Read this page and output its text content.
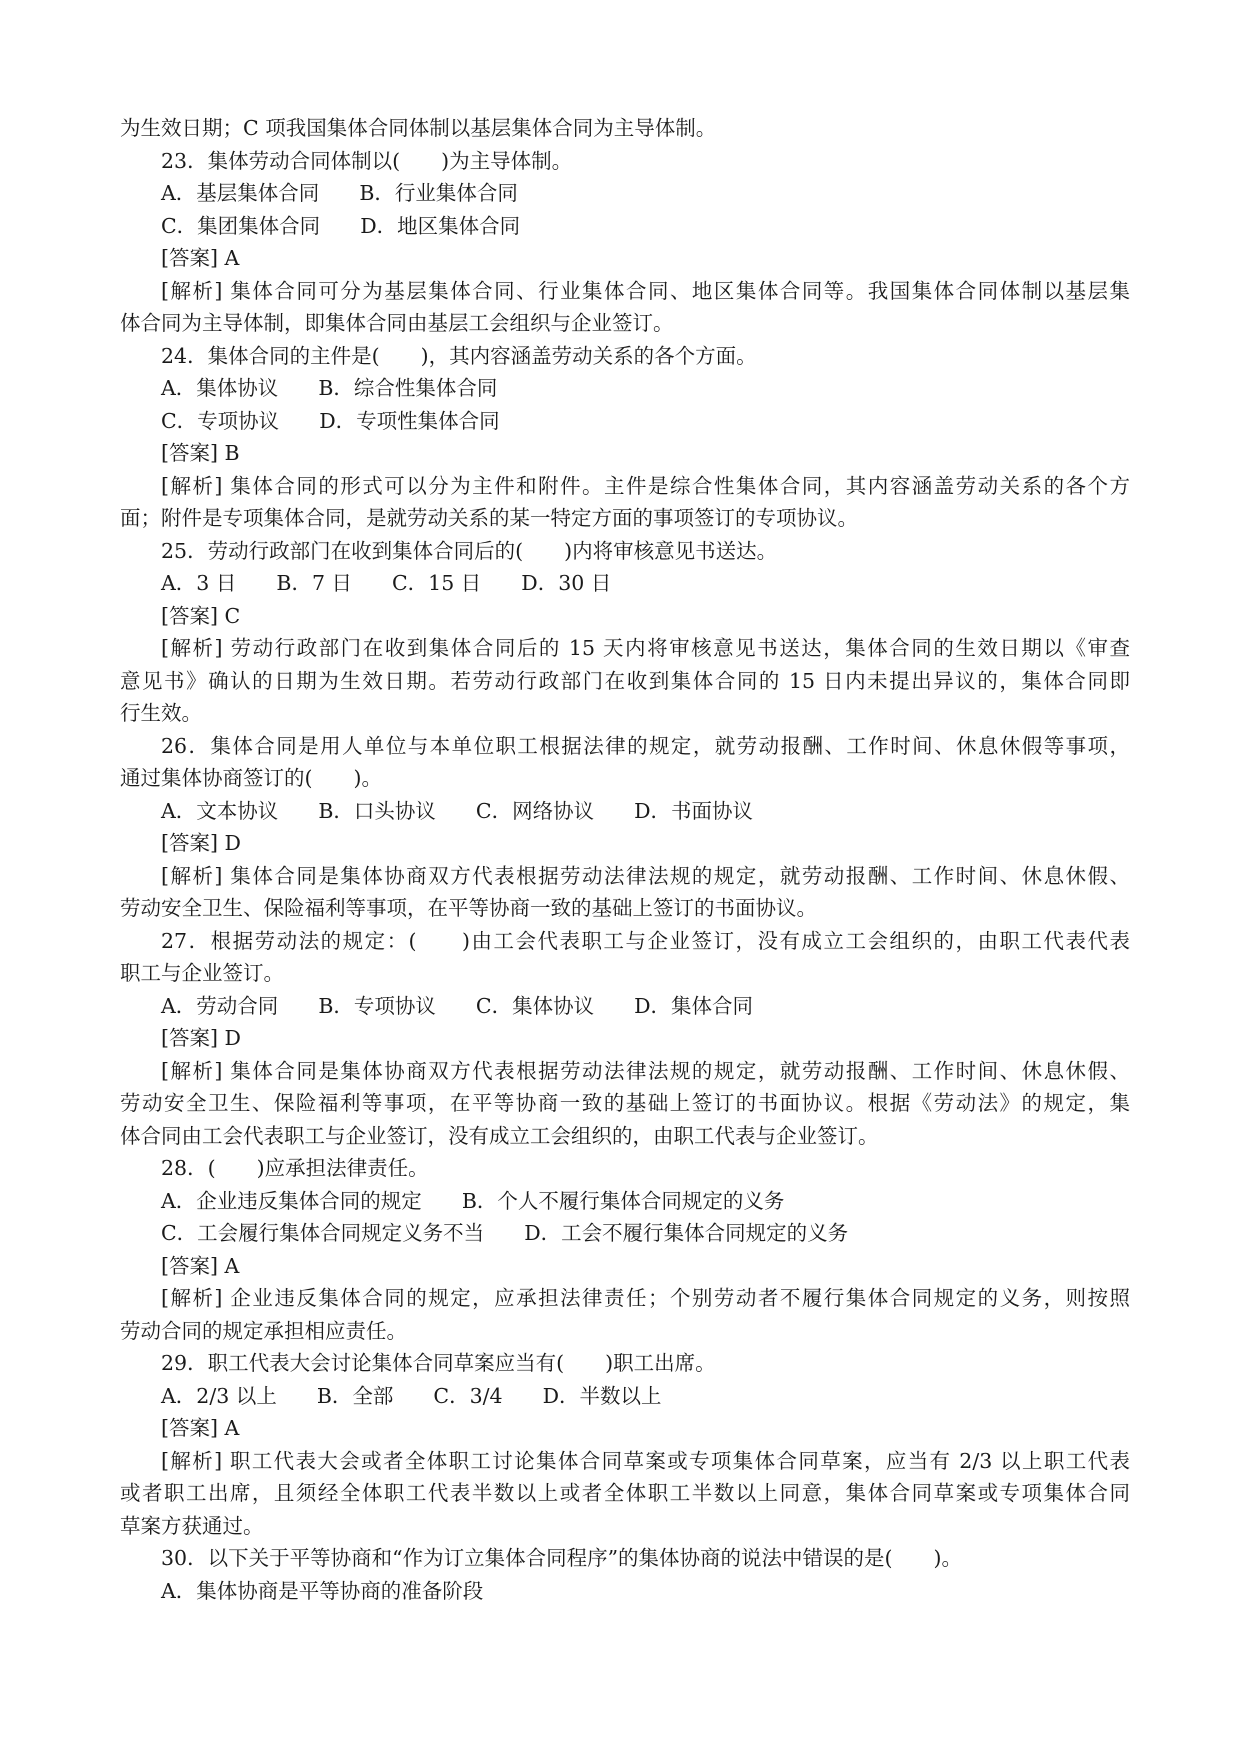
为生效日期；C 项我国集体合同体制以基层集体合同为主导体制。
23．集体劳动合同体制以(　　)为主导体制。
A．基层集体合同 B．行业集体合同
C．集团集体合同 D．地区集体合同
[答案] A
[解析] 集体合同可分为基层集体合同、行业集体合同、地区集体合同等。我国集体合同体制以基层集
体合同为主导体制，即集体合同由基层工会组织与企业签订。
24．集体合同的主件是(　　)，其内容涵盖劳动关系的各个方面。
A．集体协议 B．综合性集体合同
C．专项协议 D．专项性集体合同
[答案] B
[解析] 集体合同的形式可以分为主件和附件。主件是综合性集体合同，其内容涵盖劳动关系的各个方
面；附件是专项集体合同，是就劳动关系的某一特定方面的事项签订的专项协议。
25．劳动行政部门在收到集体合同后的(　　)内将审核意见书送达。
A．3 日 B．7 日 C．15 日 D．30 日
[答案] C
[解析] 劳动行政部门在收到集体合同后的 15 天内将审核意见书送达，集体合同的生效日期以《审查
意见书》确认的日期为生效日期。若劳动行政部门在收到集体合同的 15 日内未提出异议的，集体合同即
行生效。
26．集体合同是用人单位与本单位职工根据法律的规定，就劳动报酬、工作时间、休息休假等事项，
通过集体协商签订的(　　)。
A．文本协议 B．口头协议 C．网络协议 D．书面协议
[答案] D
[解析] 集体合同是集体协商双方代表根据劳动法律法规的规定，就劳动报酬、工作时间、休息休假、
劳动安全卫生、保险福利等事项，在平等协商一致的基础上签订的书面协议。
27．根据劳动法的规定：(　　)由工会代表职工与企业签订，没有成立工会组织的，由职工代表代表
职工与企业签订。
A．劳动合同 B．专项协议 C．集体协议 D．集体合同
[答案] D
[解析] 集体合同是集体协商双方代表根据劳动法律法规的规定，就劳动报酬、工作时间、休息休假、
劳动安全卫生、保险福利等事项，在平等协商一致的基础上签订的书面协议。根据《劳动法》的规定，集
体合同由工会代表职工与企业签订，没有成立工会组织的，由职工代表与企业签订。
28．(　　)应承担法律责任。
A．企业违反集体合同的规定 B．个人不履行集体合同规定的义务
C．工会履行集体合同规定义务不当 D．工会不履行集体合同规定的义务
[答案] A
[解析] 企业违反集体合同的规定，应承担法律责任；个别劳动者不履行集体合同规定的义务，则按照
劳动合同的规定承担相应责任。
29．职工代表大会讨论集体合同草案应当有(　　)职工出席。
A．2/3 以上 B．全部 C．3/4 D．半数以上
[答案] A
[解析] 职工代表大会或者全体职工讨论集体合同草案或专项集体合同草案，应当有 2/3 以上职工代表
或者职工出席，且须经全体职工代表半数以上或者全体职工半数以上同意，集体合同草案或专项集体合同
草案方获通过。
30．以下关于平等协商和“作为订立集体合同程序”的集体协商的说法中错误的是(　　)。
A．集体协商是平等协商的准备阶段
